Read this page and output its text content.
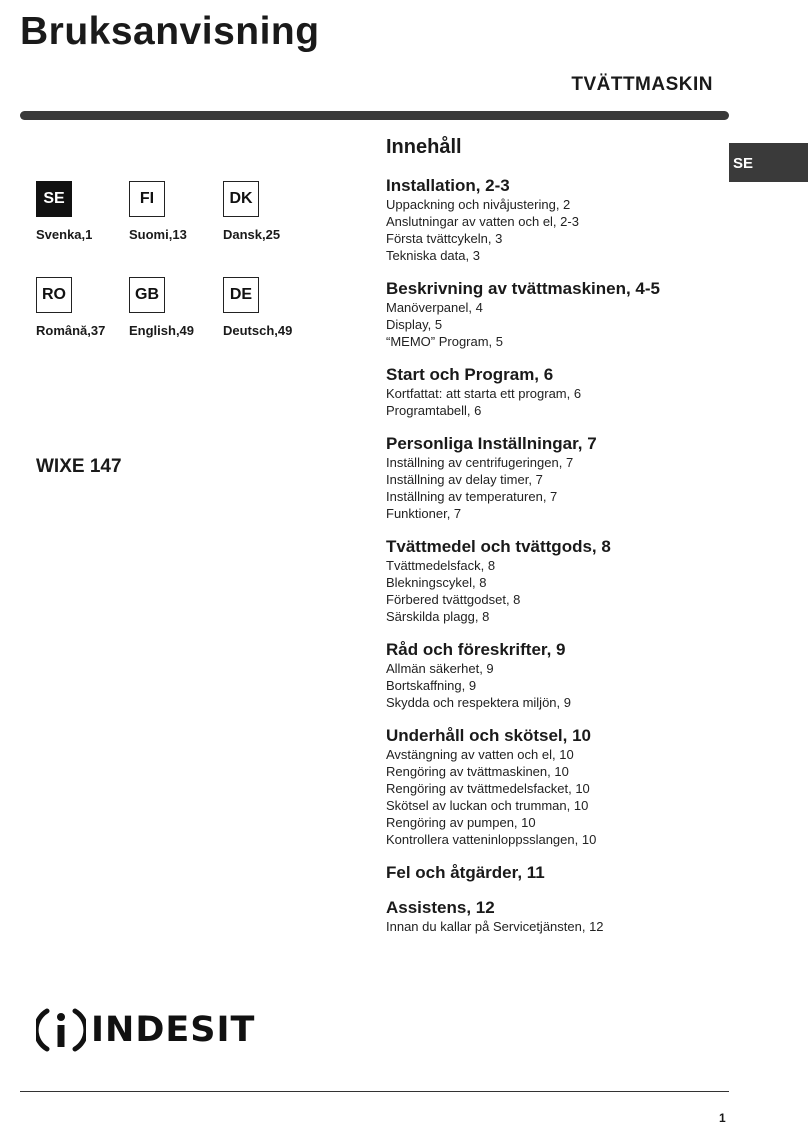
Bruksanvisning
TVÄTTMASKIN
SE
SE
Svenka,1
FI
Suomi,13
DK
Dansk,25
RO
Română,37
GB
English,49
DE
Deutsch,49
WIXE 147
Innehåll
Installation, 2-3
Uppackning och nivåjustering, 2
Anslutningar av vatten och el, 2-3
Första tvättcykeln, 3
Tekniska data, 3
Beskrivning av tvättmaskinen, 4-5
Manöverpanel, 4
Display, 5
“MEMO” Program, 5
Start och Program, 6
Kortfattat: att starta ett program, 6
Programtabell, 6
Personliga Inställningar, 7
Inställning av centrifugeringen, 7
Inställning av delay timer, 7
Inställning av temperaturen, 7
Funktioner, 7
Tvättmedel och tvättgods, 8
Tvättmedelsfack, 8
Blekningscykel, 8
Förbered tvättgodset, 8
Särskilda plagg, 8
Råd och föreskrifter, 9
Allmän säkerhet, 9
Bortskaffning, 9
Skydda och respektera miljön, 9
Underhåll och skötsel, 10
Avstängning av vatten och el, 10
Rengöring av tvättmaskinen, 10
Rengöring av tvättmedelsfacket, 10
Skötsel av luckan och trumman, 10
Rengöring av pumpen, 10
Kontrollera vatteninloppsslangen, 10
Fel och åtgärder, 11
Assistens, 12
Innan du kallar på Servicetjänsten, 12
INDESIT
1
